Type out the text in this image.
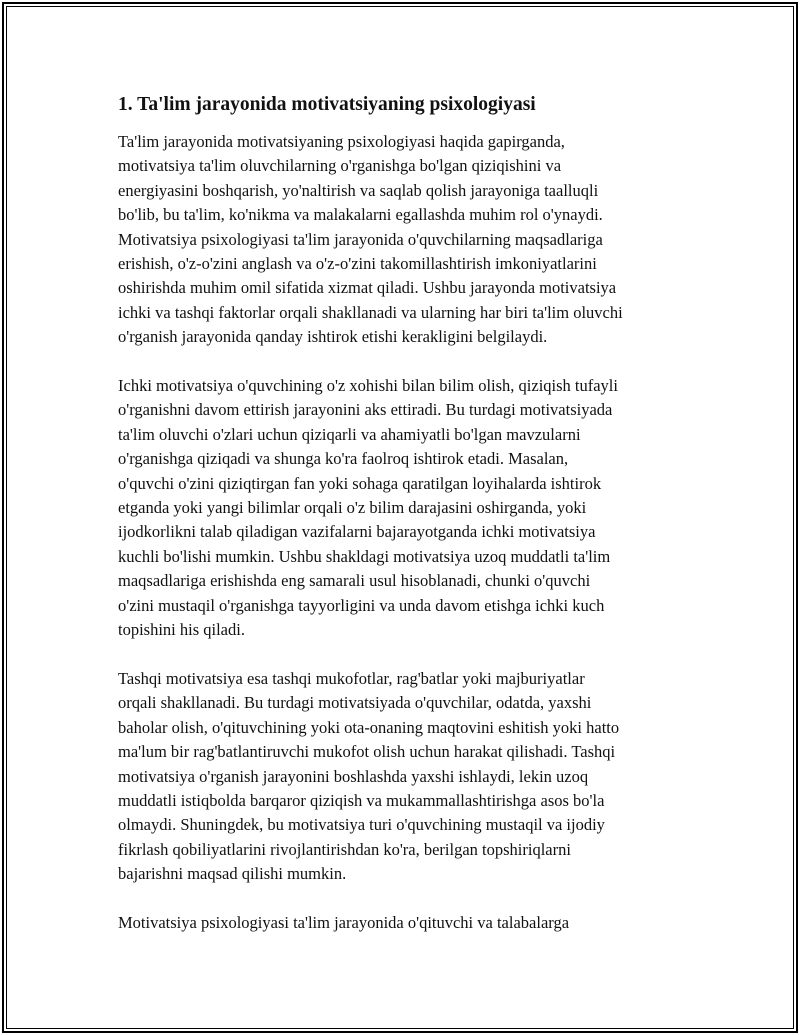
1. Ta'lim jarayonida motivatsiyaning psixologiyasi
Ta'lim jarayonida motivatsiyaning psixologiyasi haqida gapirganda,
motivatsiya ta'lim oluvchilarning o'rganishga bo'lgan qiziqishini va
energiyasini boshqarish, yo'naltirish va saqlab qolish jarayoniga taalluqli
bo'lib, bu ta'lim, ko'nikma va malakalarni egallashda muhim rol o'ynaydi.
Motivatsiya psixologiyasi ta'lim jarayonida o'quvchilarning maqsadlariga
erishish, o'z-o'zini anglash va o'z-o'zini takomillashtirish imkoniyatlarini
oshirishda muhim omil sifatida xizmat qiladi. Ushbu jarayonda motivatsiya
ichki va tashqi faktorlar orqali shakllanadi va ularning har biri ta'lim oluvchi
o'rganish jarayonida qanday ishtirok etishi kerakligini belgilaydi.
Ichki motivatsiya o'quvchining o'z xohishi bilan bilim olish, qiziqish tufayli
o'rganishni davom ettirish jarayonini aks ettiradi. Bu turdagi motivatsiyada
ta'lim oluvchi o'zlari uchun qiziqarli va ahamiyatli bo'lgan mavzularni
o'rganishga qiziqadi va shunga ko'ra faolroq ishtirok etadi. Masalan,
o'quvchi o'zini qiziqtirgan fan yoki sohaga qaratilgan loyihalarda ishtirok
etganda yoki yangi bilimlar orqali o'z bilim darajasini oshirganda, yoki
ijodkorlikni talab qiladigan vazifalarni bajarayotganda ichki motivatsiya
kuchli bo'lishi mumkin. Ushbu shakldagi motivatsiya uzoq muddatli ta'lim
maqsadlariga erishishda eng samarali usul hisoblanadi, chunki o'quvchi
o'zini mustaqil o'rganishga tayyorligini va unda davom etishga ichki kuch
topishini his qiladi.
Tashqi motivatsiya esa tashqi mukofotlar, rag'batlar yoki majburiyatlar
orqali shakllanadi. Bu turdagi motivatsiyada o'quvchilar, odatda, yaxshi
baholar olish, o'qituvchining yoki ota-onaning maqtovini eshitish yoki hatto
ma'lum bir rag'batlantiruvchi mukofot olish uchun harakat qilishadi. Tashqi
motivatsiya o'rganish jarayonini boshlashda yaxshi ishlaydi, lekin uzoq
muddatli istiqbolda barqaror qiziqish va mukammallashtirishga asos bo'la
olmaydi. Shuningdek, bu motivatsiya turi o'quvchining mustaqil va ijodiy
fikrlash qobiliyatlarini rivojlantirishdan ko'ra, berilgan topshiriqlarni
bajarishni maqsad qilishi mumkin.
Motivatsiya psixologiyasi ta'lim jarayonida o'qituvchi va talabalarga
